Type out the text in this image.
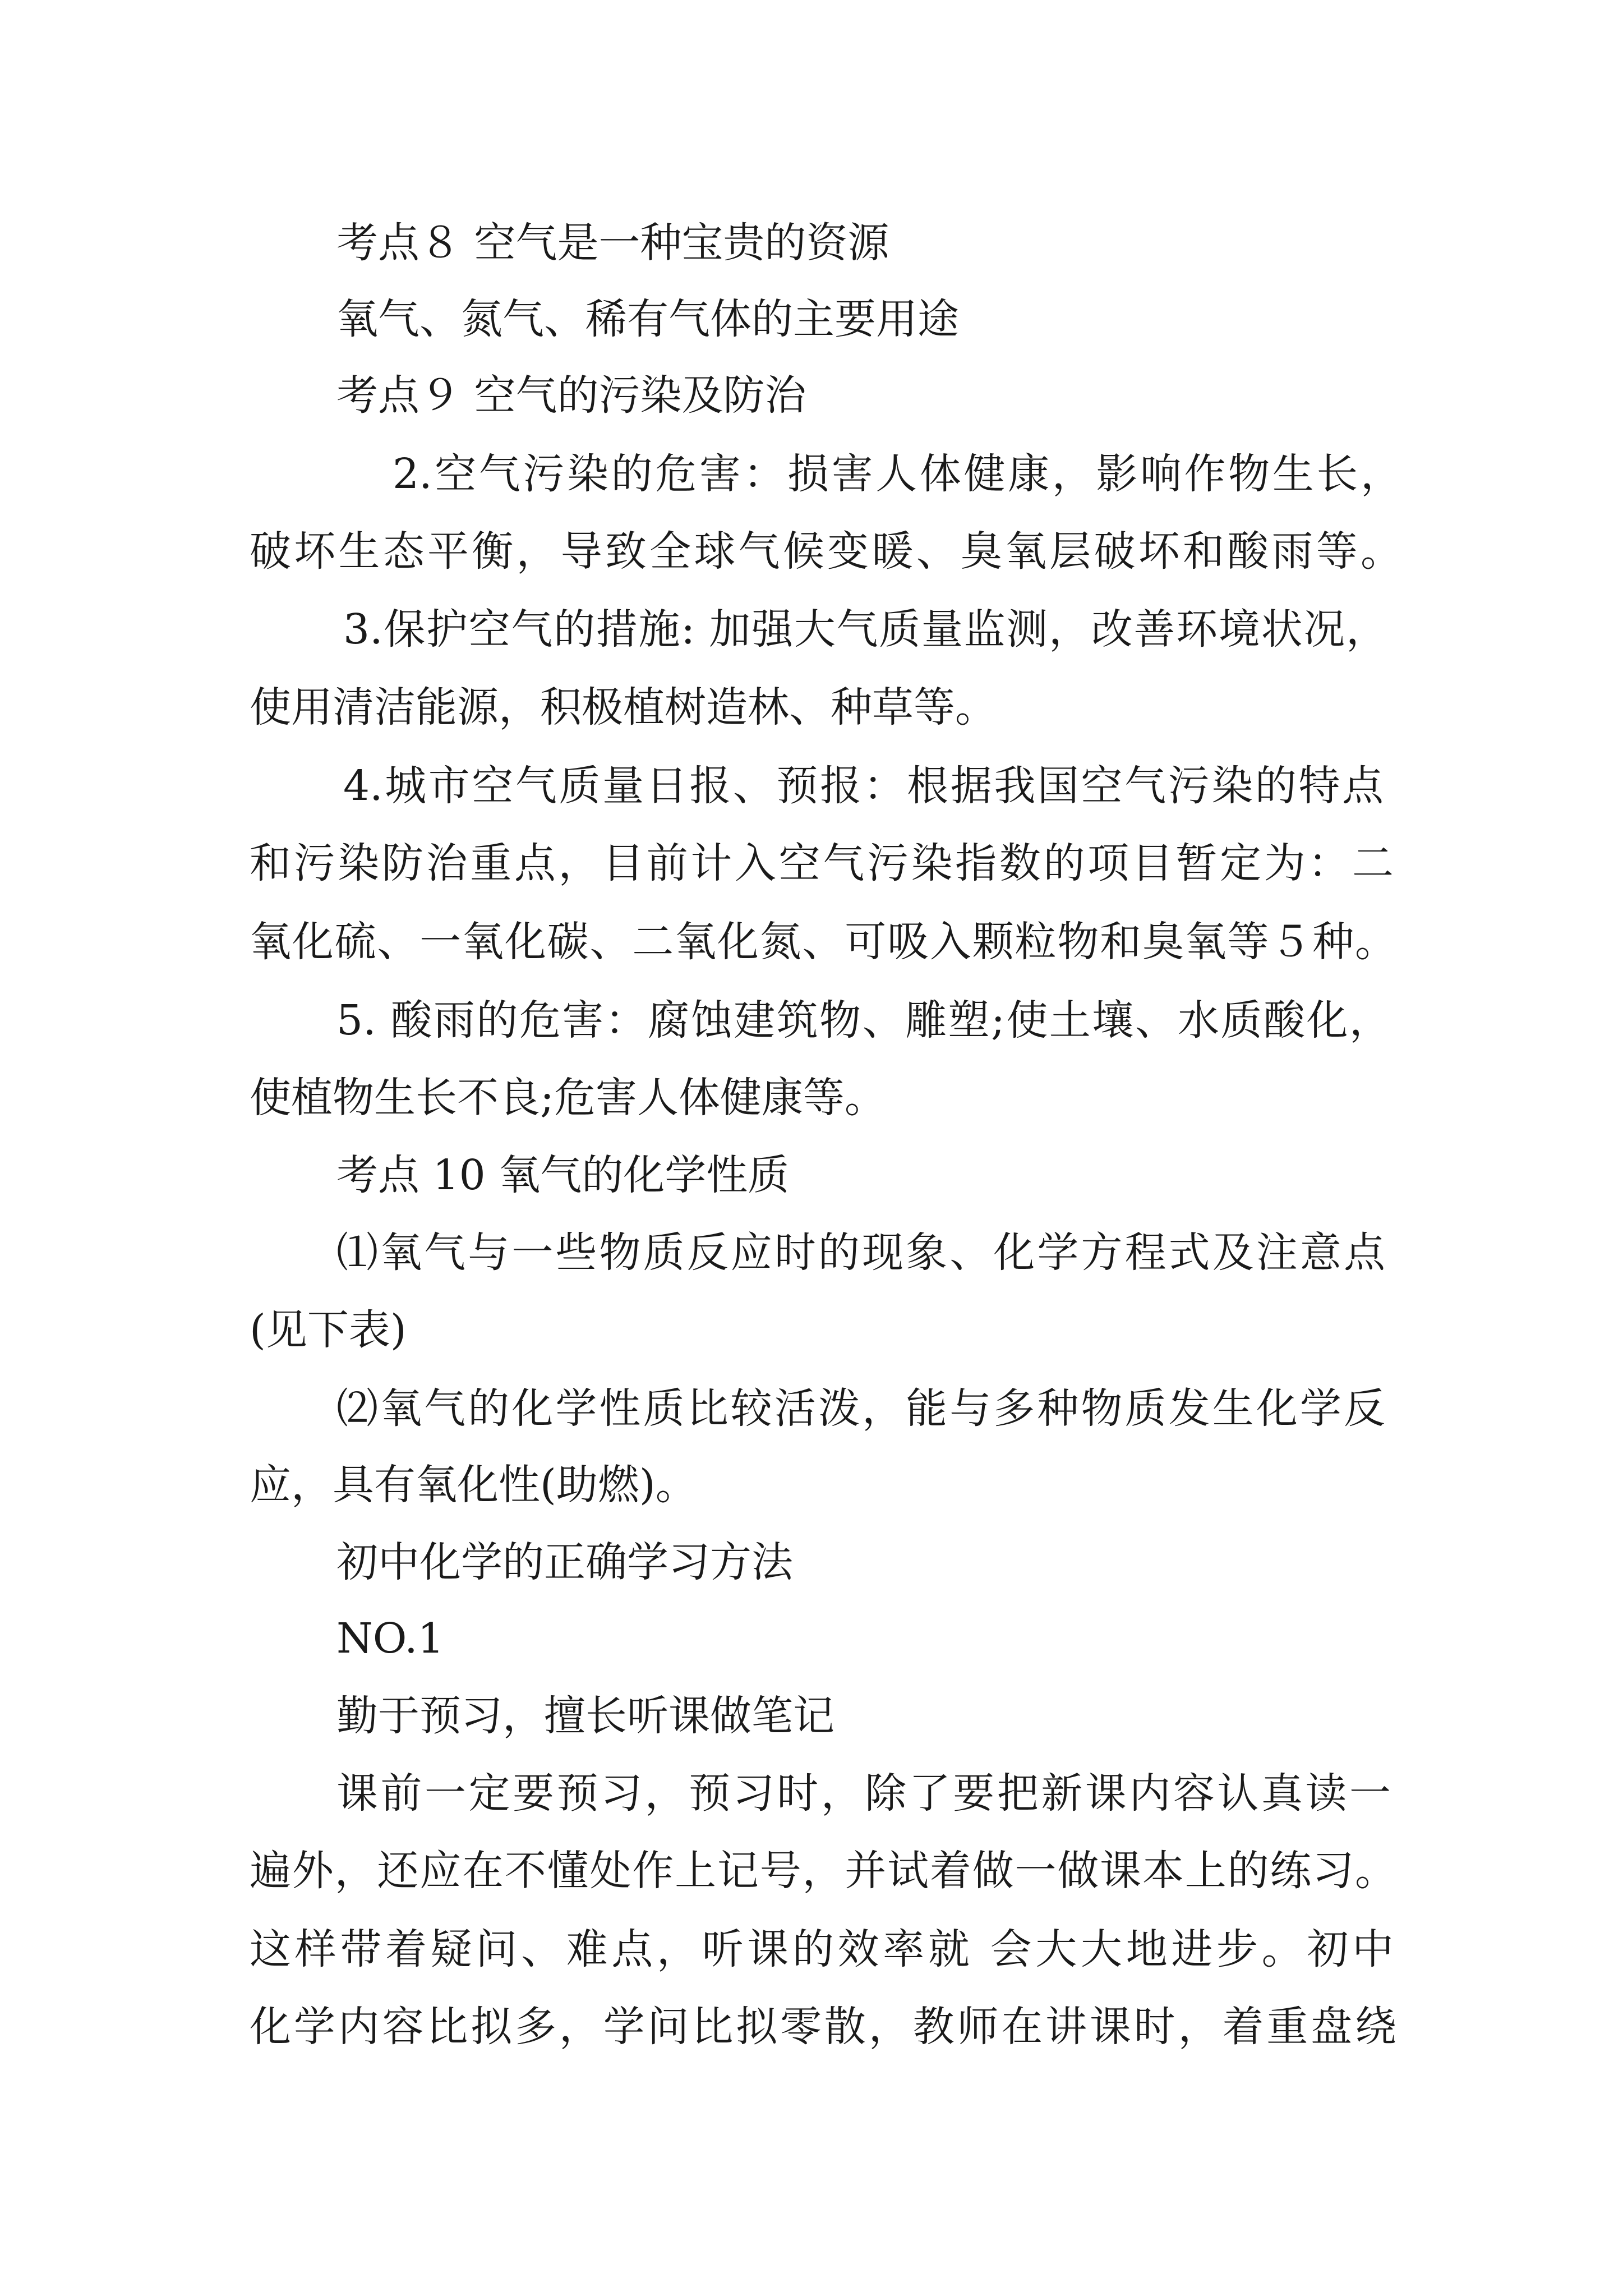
考点８ 空气是一种宝贵的资源
氧气、氮气、稀有气体的主要用途
考点９ 空气的污染及防治
2.空气污染的危害：损害人体健康，影响作物生长，
破坏生态平衡，导致全球气候变暖、臭氧层破坏和酸雨等。
3.保护空气的措施: 加强大气质量监测，改善环境状况，
使用清洁能源，积极植树造林、种草等。
4.城市空气质量日报、预报：根据我国空气污染的特点
和污染防治重点，目前计入空气污染指数的项目暂定为：二
氧化硫、一氧化碳、二氧化氮、可吸入颗粒物和臭氧等５种。
5. 酸雨的危害：腐蚀建筑物、雕塑;使土壤、水质酸化，
使植物生长不良;危害人体健康等。
考点 10 氧气的化学性质
⑴氧气与一些物质反应时的现象、化学方程式及注意点
(见下表)
⑵氧气的化学性质比较活泼，能与多种物质发生化学反
应，具有氧化性(助燃)。
初中化学的正确学习方法
NO.1
勤于预习，擅长听课做笔记
课前一定要预习，预习时，除了要把新课内容认真读一
遍外，还应在不懂处作上记号，并试着做一做课本上的练习。
这样带着疑问、难点，听课的效率就 会大大地进步。初中
化学内容比拟多，学问比拟零散，教师在讲课时，着重盘绕
